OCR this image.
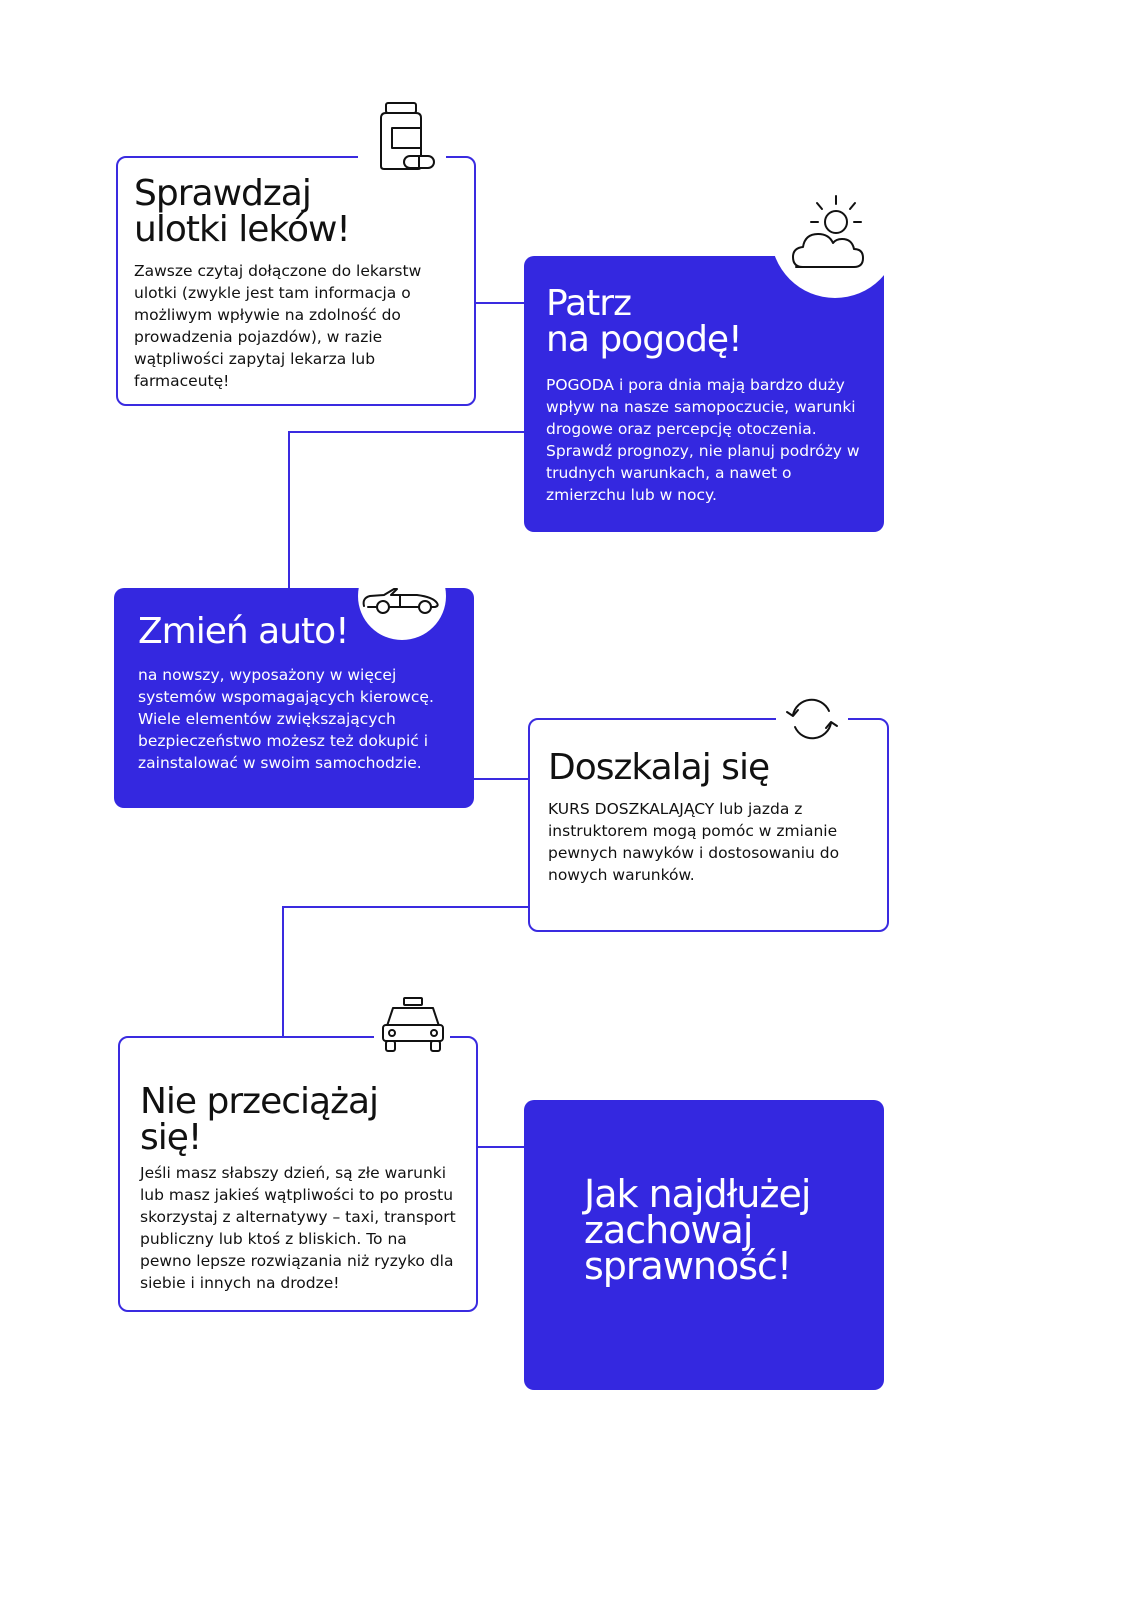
Sprawdzaj
ulotki leków!

Zawsze czytaj dołączone do lekarstw ulotki (zwykle jest tam informacja o możliwym wpływie na zdolność do prowadzenia pojazdów), w razie wątpliwości zapytaj lekarza lub farmaceutę!

Patrz
na pogodę!

POGODA i pora dnia mają bardzo duży wpływ na nasze samopoczucie, warunki drogowe oraz percepcję otoczenia. Sprawdź prognozy, nie planuj podróży w trudnych warunkach, a nawet o zmierzchu lub w nocy.

Zmień auto!

na nowszy, wyposażony w więcej systemów wspomagających kierowcę. Wiele elementów zwiększających bezpieczeństwo możesz też dokupić i zainstalować w swoim samochodzie.	Doszkalaj się

KURS DOSZKALAJĄCY lub jazda z instruktorem mogą pomóc w zmianie pewnych nawyków i dostosowaniu do nowych warunków.

Nie przeciążaj
się!

Jeśli masz słabszy dzień, są złe warunki lub masz jakieś wątpliwości to po prostu skorzystaj z alternatywy – taxi, transport publiczny lub ktoś z bliskich. To na pewno lepsze rozwiązania niż ryzyko dla siebie i innych na drodze!

Jak najdłużej
zachowaj
sprawność!
